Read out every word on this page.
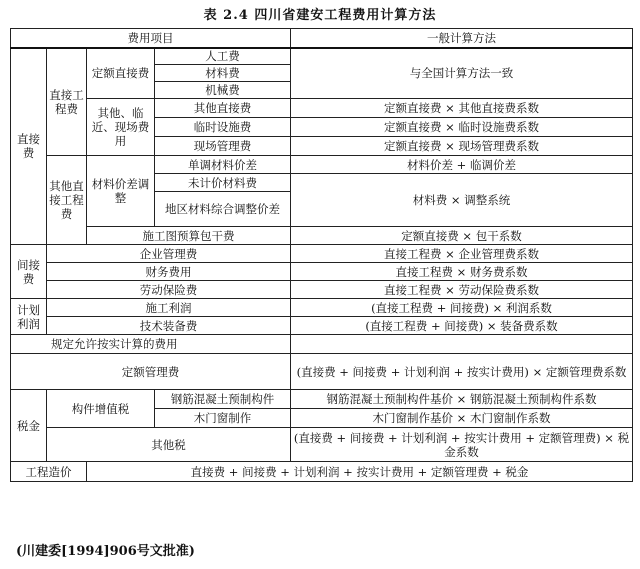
表 2.4 四川省建安工程费用计算方法
费用项目				一般计算方法
直接费	直接工程费	定额直接费	人工费	与全国计算方法一致
			材料费	
			机械费	
		其他、临近、现场费用	其他直接费	定额直接费 × 其他直接费系数
			临时设施费	定额直接费 × 临时设施费系数
			现场管理费	定额直接费 × 现场管理费系数
	其他直接工程费	材料价差调整	单调材料价差	材料价差 + 临调价差
			未计价材料费	材料费 × 调整系统
			地区材料综合调整价差	

		施工图预算包干费		定额直接费 × 包干系数

间接费	企业管理费			直接工程费 × 企业管理费系数
	财务费用			直接工程费 × 财务费系数
	劳动保险费			直接工程费 × 劳动保险费系数
计划利润	施工利润			(直接工程费 + 间接费) × 利润系数
	技术装备费			(直接工程费 + 间接费) × 装备费系数
规定允许按实计算的费用				
定额管理费				(直接费 + 间接费 + 计划利润 + 按实计费用) × 定额管理费系数
税金	构件增值税		钢筋混凝土预制构件	钢筋混凝土预制构件基价 × 钢筋混凝土预制构件系数
			木门窗制作	木门窗制作基价 × 木门窗制作系数
	其他税			(直接费 + 间接费 + 计划利润 + 按实计费用 + 定额管理费) × 税金系数
工程造价		直接费 + 间接费 + 计划利润 + 按实计费用 + 定额管理费 + 税金		
(川建委[1994]906号文批准)
